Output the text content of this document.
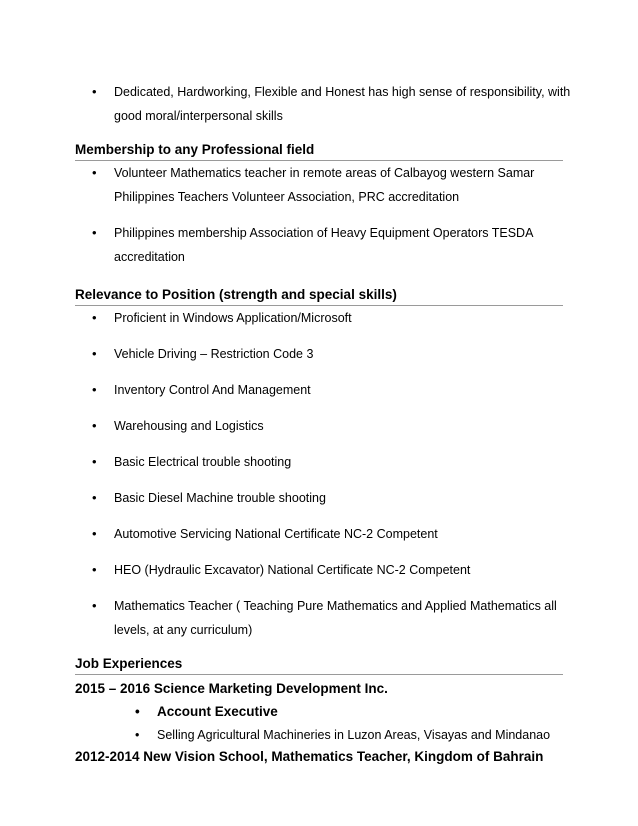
• Dedicated, Hardworking, Flexible and Honest has high sense of responsibility, with good moral/interpersonal skills
Membership to any Professional field
• Volunteer Mathematics teacher in remote areas of Calbayog western Samar Philippines Teachers Volunteer Association, PRC accreditation
• Philippines membership Association of Heavy Equipment Operators TESDA accreditation
Relevance to Position (strength and special skills)
• Proficient in Windows Application/Microsoft
• Vehicle Driving – Restriction Code 3
• Inventory Control And Management
• Warehousing and Logistics
• Basic Electrical trouble shooting
• Basic Diesel Machine trouble shooting
• Automotive Servicing National Certificate NC-2 Competent
• HEO (Hydraulic Excavator) National Certificate NC-2 Competent
• Mathematics Teacher ( Teaching Pure Mathematics and Applied Mathematics all levels, at any curriculum)
Job Experiences
2015 – 2016 Science Marketing Development Inc.
• Account Executive
• Selling Agricultural Machineries in Luzon Areas, Visayas and Mindanao
2012-2014 New Vision School, Mathematics Teacher, Kingdom of Bahrain
